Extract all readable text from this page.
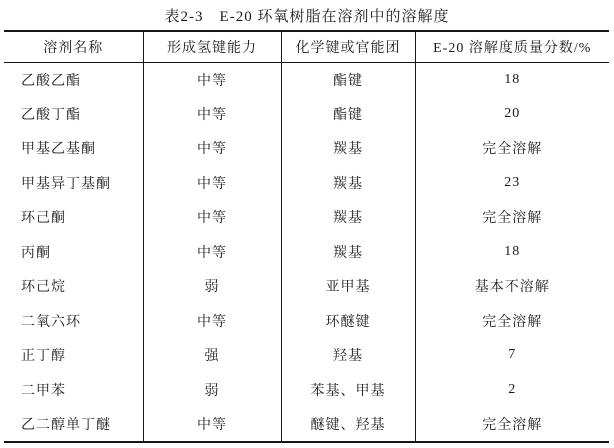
表2-3　E-20 环氧树脂在溶剂中的溶解度
溶剂名称	形成氢键能力	化学键或官能团	E-20 溶解度质量分数/%
乙酸乙酯	中等	酯键	18
乙酸丁酯	中等	酯键	20
甲基乙基酮	中等	羰基	完全溶解
甲基异丁基酮	中等	羰基	23
环己酮	中等	羰基	完全溶解
丙酮	中等	羰基	18
环己烷	弱	亚甲基	基本不溶解
二氧六环	中等	环醚键	完全溶解
正丁醇	强	羟基	7
二甲苯	弱	苯基、甲基	2
乙二醇单丁醚	中等	醚键、羟基	完全溶解
